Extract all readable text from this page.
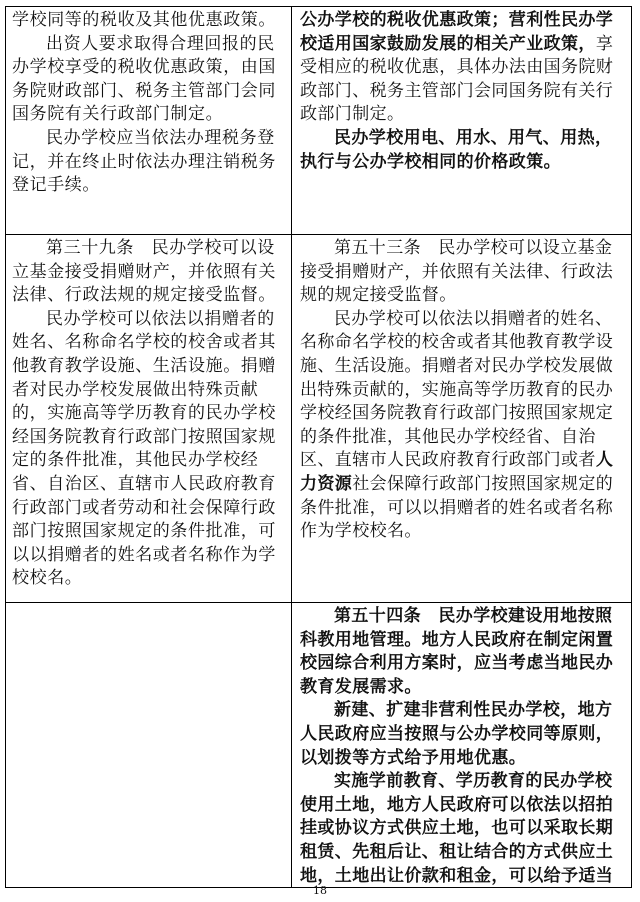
学校同等的税收及其他优惠政策。

出资人要求取得合理回报的民办学校享受的税收优惠政策，由国务院财政部门、税务主管部门会同国务院有关行政部门制定。

民办学校应当依法办理税务登记，并在终止时依法办理注销税务登记手续。

公办学校的税收优惠政策；营利性民办学校适用国家鼓励发展的相关产业政策，享受相应的税收优惠，具体办法由国务院财政部门、税务主管部门会同国务院有关行政部门制定。

民办学校用电、用水、用气、用热，执行与公办学校相同的价格政策。

第三十九条　民办学校可以设立基金接受捐赠财产，并依照有关法律、行政法规的规定接受监督。

民办学校可以依法以捐赠者的姓名、名称命名学校的校舍或者其他教育教学设施、生活设施。捐赠者对民办学校发展做出特殊贡献的，实施高等学历教育的民办学校经国务院教育行政部门按照国家规定的条件批准，其他民办学校经省、自治区、直辖市人民政府教育行政部门或者劳动和社会保障行政部门按照国家规定的条件批准，可以以捐赠者的姓名或者名称作为学校校名。

第五十三条　民办学校可以设立基金接受捐赠财产，并依照有关法律、行政法规的规定接受监督。

民办学校可以依法以捐赠者的姓名、名称命名学校的校舍或者其他教育教学设施、生活设施。捐赠者对民办学校发展做出特殊贡献的，实施高等学历教育的民办学校经国务院教育行政部门按照国家规定的条件批准，其他民办学校经省、自治区、直辖市人民政府教育行政部门或者人力资源社会保障行政部门按照国家规定的条件批准，可以以捐赠者的姓名或者名称作为学校校名。

第五十四条　民办学校建设用地按照科教用地管理。地方人民政府在制定闲置校园综合利用方案时，应当考虑当地民办教育发展需求。

新建、扩建非营利性民办学校，地方人民政府应当按照与公办学校同等原则，以划拨等方式给予用地优惠。

实施学前教育、学历教育的民办学校使用土地，地方人民政府可以依法以招拍挂或协议方式供应土地，也可以采取长期租赁、先租后让、租让结合的方式供应土地，土地出让价款和租金，可以给予适当

18
